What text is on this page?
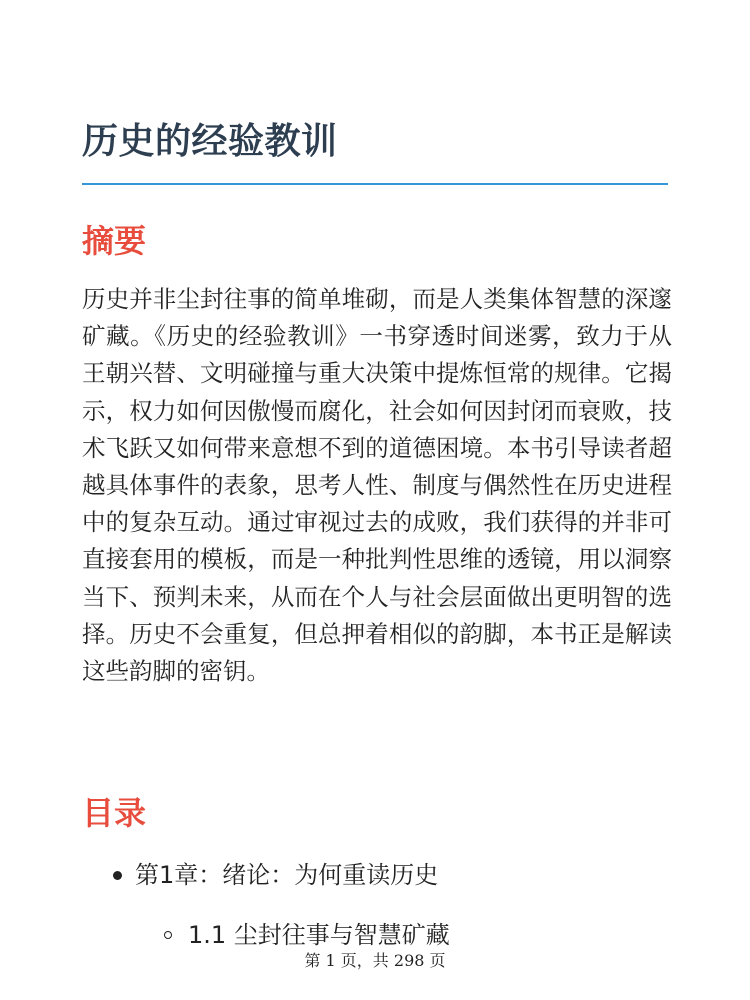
历史的经验教训
摘要

历史并非尘封往事的简单堆砌，而是人类集体智慧的深邃矿藏。《历史的经验教训》一书穿透时间迷雾，致力于从王朝兴替、文明碰撞与重大决策中提炼恒常的规律。它揭示，权力如何因傲慢而腐化，社会如何因封闭而衰败，技术飞跃又如何带来意想不到的道德困境。本书引导读者超越具体事件的表象，思考人性、制度与偶然性在历史进程中的复杂互动。通过审视过去的成败，我们获得的并非可直接套用的模板，而是一种批判性思维的透镜，用以洞察当下、预判未来，从而在个人与社会层面做出更明智的选择。历史不会重复，但总押着相似的韵脚，本书正是解读这些韵脚的密钥。

目录
第1章：绪论：为何重读历史
1.1 尘封往事与智慧矿藏
第 1 页，共 298 页
